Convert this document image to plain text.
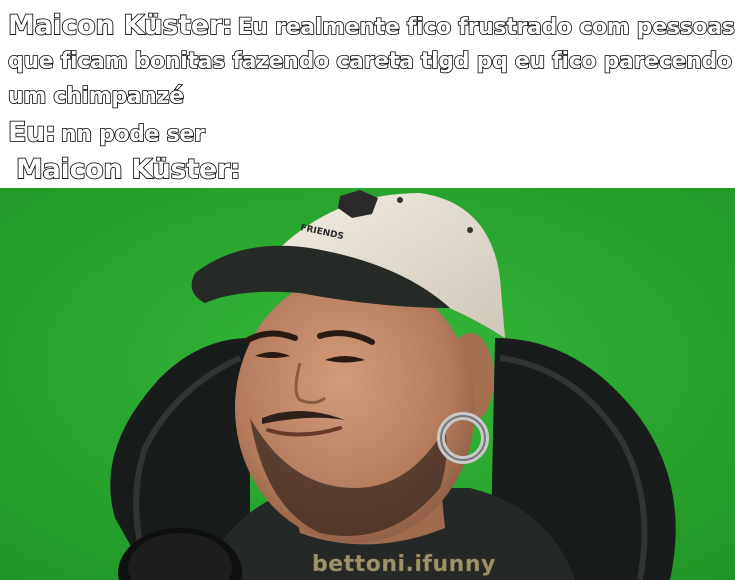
Maicon Küster: Eu realmente fico frustrado com pessoas
que ficam bonitas fazendo careta tlgd pq eu fico parecendo
um chimpanzé
Eu: nn pode ser
Maicon Küster:
FRIENDS
bettoni.ifunny
